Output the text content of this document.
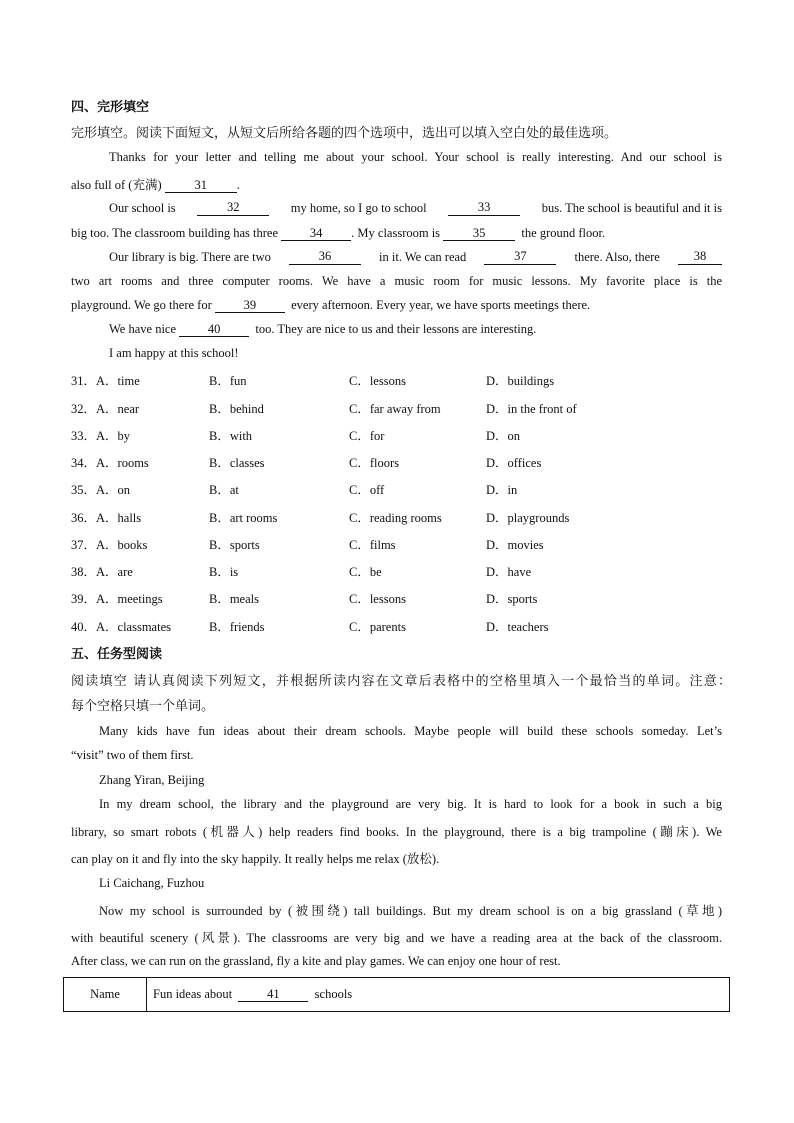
四、完形填空
完形填空。阅读下面短文，从短文后所给各题的四个选项中，选出可以填入空白处的最佳选项。
Thanks for your letter and telling me about your school. Your school is really interesting. And our school is
also full of (充满)	31 .
Our school is	32	my home, so I go to school	33	bus. The school is beautiful and it is
big too. The classroom building has three	34 . My classroom is	35	the ground floor.
Our library is big. There are two	36	in it. We can read	37	there. Also, there	38
two art rooms and three computer rooms. We have a music room for music lessons. My favorite place is the
playground. We go there for	39	every afternoon. Every year, we have sports meetings there.
We have nice	40	too. They are nice to us and their lessons are interesting.
I am happy at this school!
31．A．time	B．fun	C．lessons	D．buildings
32．A．near	B．behind	C．far away from	D．in the front of
33．A．by	B．with	C．for	D．on
34．A．rooms	B．classes	C．floors	D．offices
35．A．on	B．at	C．off	D．in
36．A．halls	B．art rooms	C．reading rooms	D．playgrounds
37．A．books	B．sports	C．films	D．movies
38．A．are	B．is	C．be	D．have
39．A．meetings	B．meals	C．lessons	D．sports
40．A．classmates	B．friends	C．parents	D．teachers
五、任务型阅读
阅读填空 请认真阅读下列短文，并根据所读内容在文章后表格中的空格里填入一个最恰当的单词。注意：
每个空格只填一个单词。
Many kids have fun ideas about their dream schools. Maybe people will build these schools someday. Let’s
“visit” two of them first.
Zhang Yiran, Beijing
In my dream school, the library and the playground are very big. It is hard to look for a book in such a big
library, so smart robots (机器人) help readers find books. In the playground, there is a big trampoline (蹦床). We
can play on it and fly into the sky happily. It really helps me relax (放松).
Li Caichang, Fuzhou
Now my school is surrounded by (被围绕) tall buildings. But my dream school is on a big grassland (草地)
with beautiful scenery (风景). The classrooms are very big and we have a reading area at the back of the classroom.
After class, we can run on the grassland, fly a kite and play games. We can enjoy one hour of rest.
Name	Fun ideas about	41	schools
